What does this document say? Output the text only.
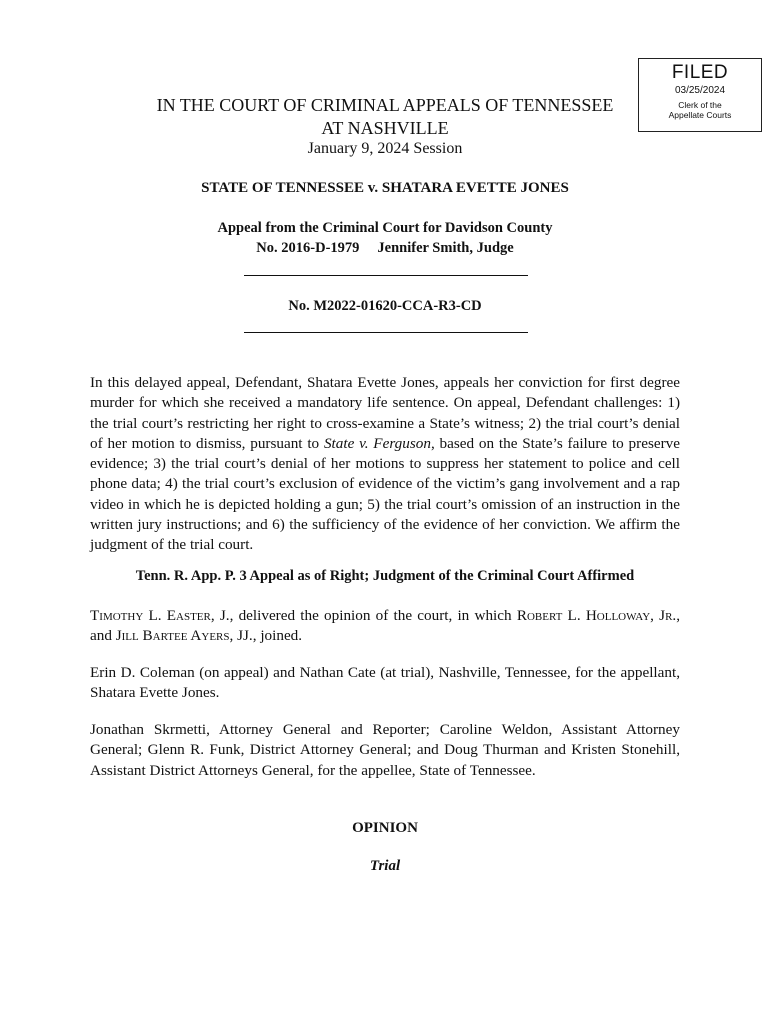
FILED
03/25/2024
Clerk of the
Appellate Courts
IN THE COURT OF CRIMINAL APPEALS OF TENNESSEE
AT NASHVILLE
January 9, 2024 Session
STATE OF TENNESSEE v. SHATARA EVETTE JONES
Appeal from the Criminal Court for Davidson County
No. 2016-D-1979 Jennifer Smith, Judge
No. M2022-01620-CCA-R3-CD

In this delayed appeal, Defendant, Shatara Evette Jones, appeals her conviction for first degree murder for which she received a mandatory life sentence. On appeal, Defendant challenges: 1) the trial court’s restricting her right to cross-examine a State’s witness; 2) the trial court’s denial of her motion to dismiss, pursuant to State v. Ferguson, based on the State’s failure to preserve evidence; 3) the trial court’s denial of her motions to suppress her statement to police and cell phone data; 4) the trial court’s exclusion of evidence of the victim’s gang involvement and a rap video in which he is depicted holding a gun; 5) the trial court’s omission of an instruction in the written jury instructions; and 6) the sufficiency of the evidence of her conviction. We affirm the judgment of the trial court.

Tenn. R. App. P. 3 Appeal as of Right; Judgment of the Criminal Court Affirmed

Timothy L. Easter, J., delivered the opinion of the court, in which Robert L. Holloway, Jr., and Jill Bartee Ayers, JJ., joined.

Erin D. Coleman (on appeal) and Nathan Cate (at trial), Nashville, Tennessee, for the appellant, Shatara Evette Jones.

Jonathan Skrmetti, Attorney General and Reporter; Caroline Weldon, Assistant Attorney General; Glenn R. Funk, District Attorney General; and Doug Thurman and Kristen Stonehill, Assistant District Attorneys General, for the appellee, State of Tennessee.

OPINION
Trial
